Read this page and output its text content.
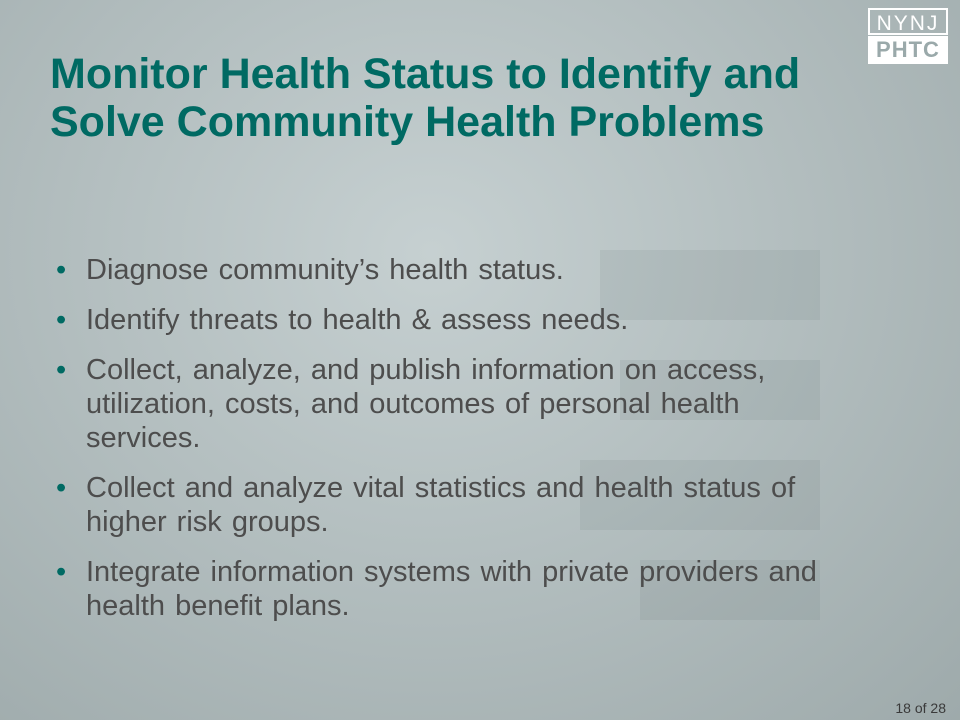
NYNJ
PHTC
Monitor Health Status to Identify and Solve Community Health Problems
• Diagnose community’s health status.
• Identify threats to health & assess needs.
• Collect, analyze, and publish information on access, utilization, costs, and outcomes of personal health services.
• Collect and analyze vital statistics and health status of higher risk groups.
• Integrate information systems with private providers and health benefit plans.
18 of 28
